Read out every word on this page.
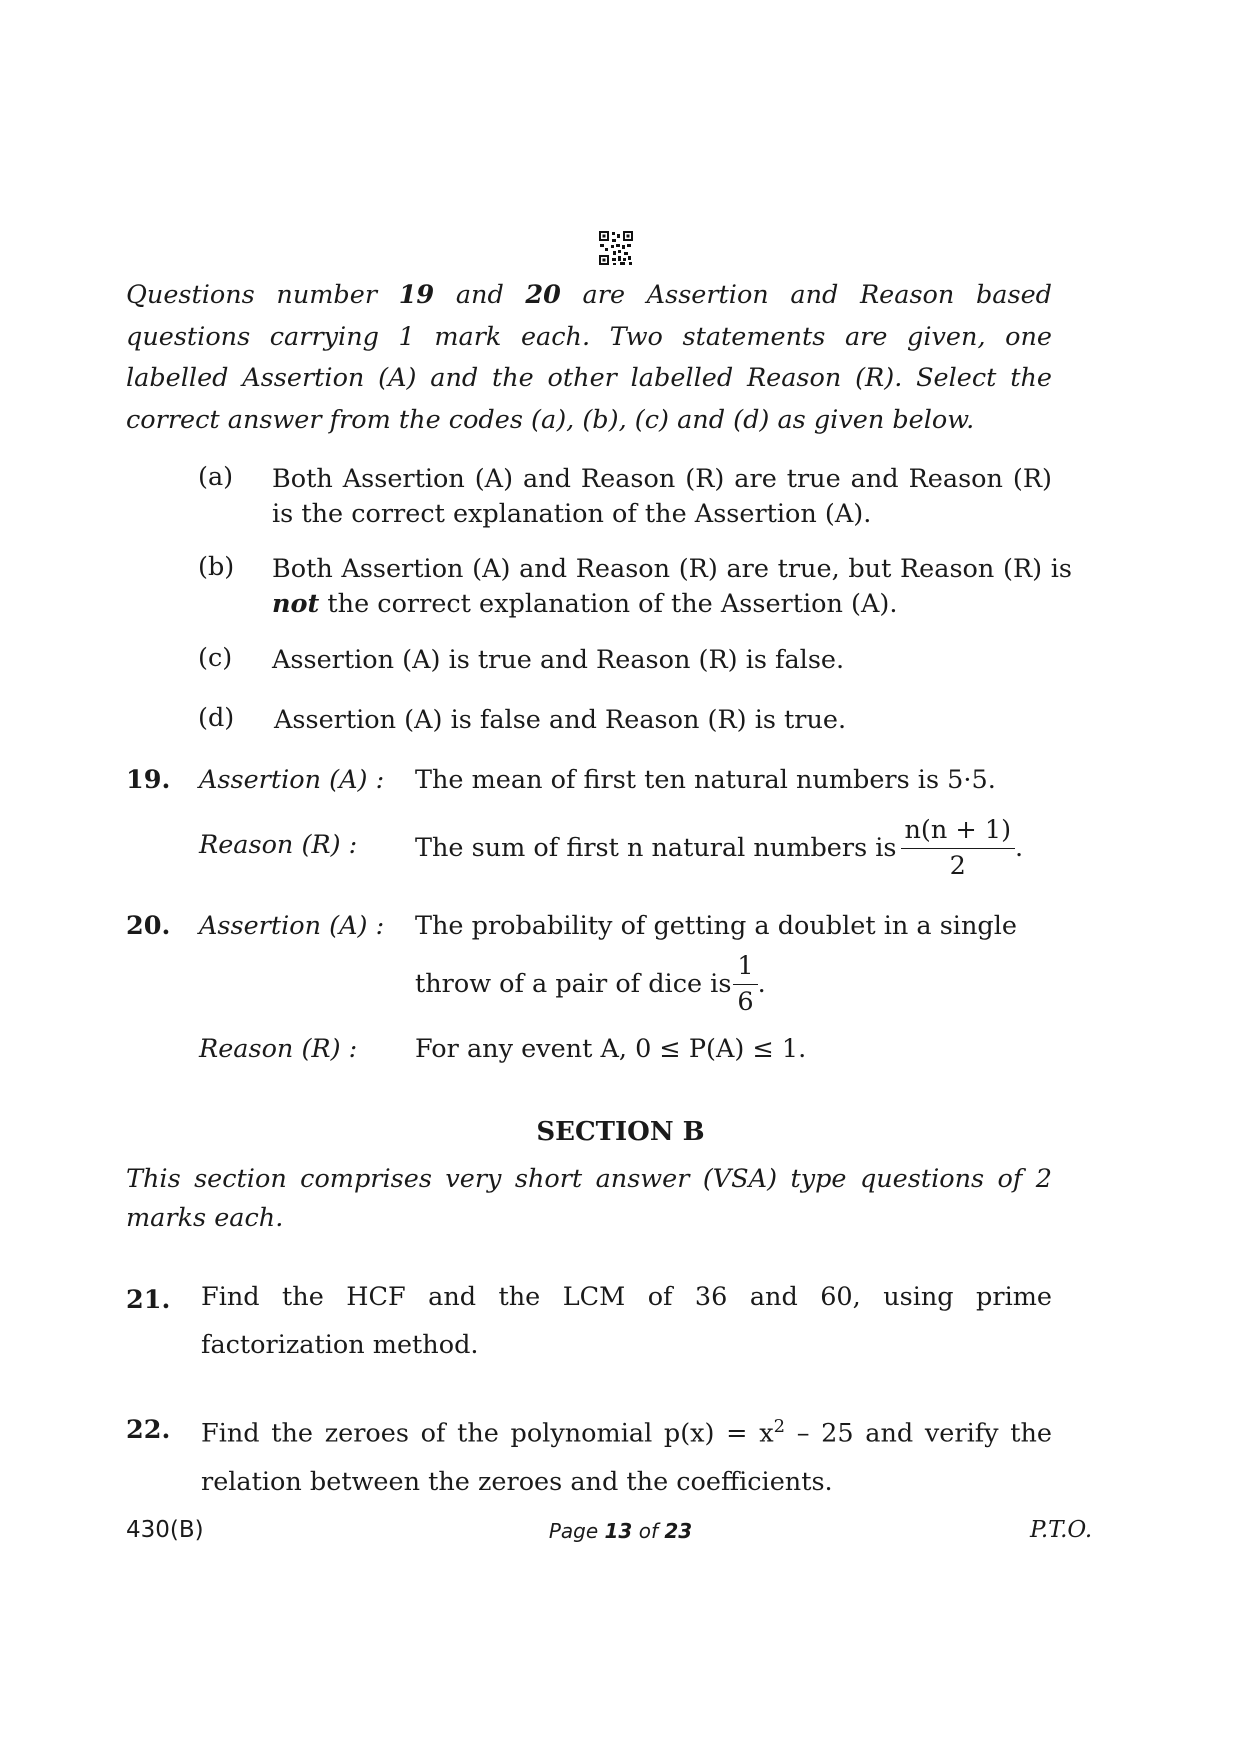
Questions number 19 and 20 are Assertion and Reason based questions carrying 1 mark each. Two statements are given, one labelled Assertion (A) and the other labelled Reason (R). Select the correct answer from the codes (a), (b), (c) and (d) as given below.

(a) Both Assertion (A) and Reason (R) are true and Reason (R) is the correct explanation of the Assertion (A).
(b) Both Assertion (A) and Reason (R) are true, but Reason (R) is not the correct explanation of the Assertion (A).
(c) Assertion (A) is true and Reason (R) is false.
(d) Assertion (A) is false and Reason (R) is true.
19. Assertion (A) : The mean of first ten natural numbers is 5·5.
Reason (R) : The sum of first n natural numbers is $\frac{n(n + 1)}{2}$ .
20. Assertion (A) : The probability of getting a doublet in a single
throw of a pair of dice is $\frac{1}{6}$ .
Reason (R) : For any event A, 0 ≤ P(A) ≤ 1.
SECTION B

This section comprises very short answer (VSA) type questions of 2 marks each.

21. Find the HCF and the LCM of 36 and 60, using prime factorization method.

22. Find the zeroes of the polynomial $p(x) = x^2 - 25$ and verify the relation between the zeroes and the coefficients.

430(B)	Page 13 of 23	P.T.O.
